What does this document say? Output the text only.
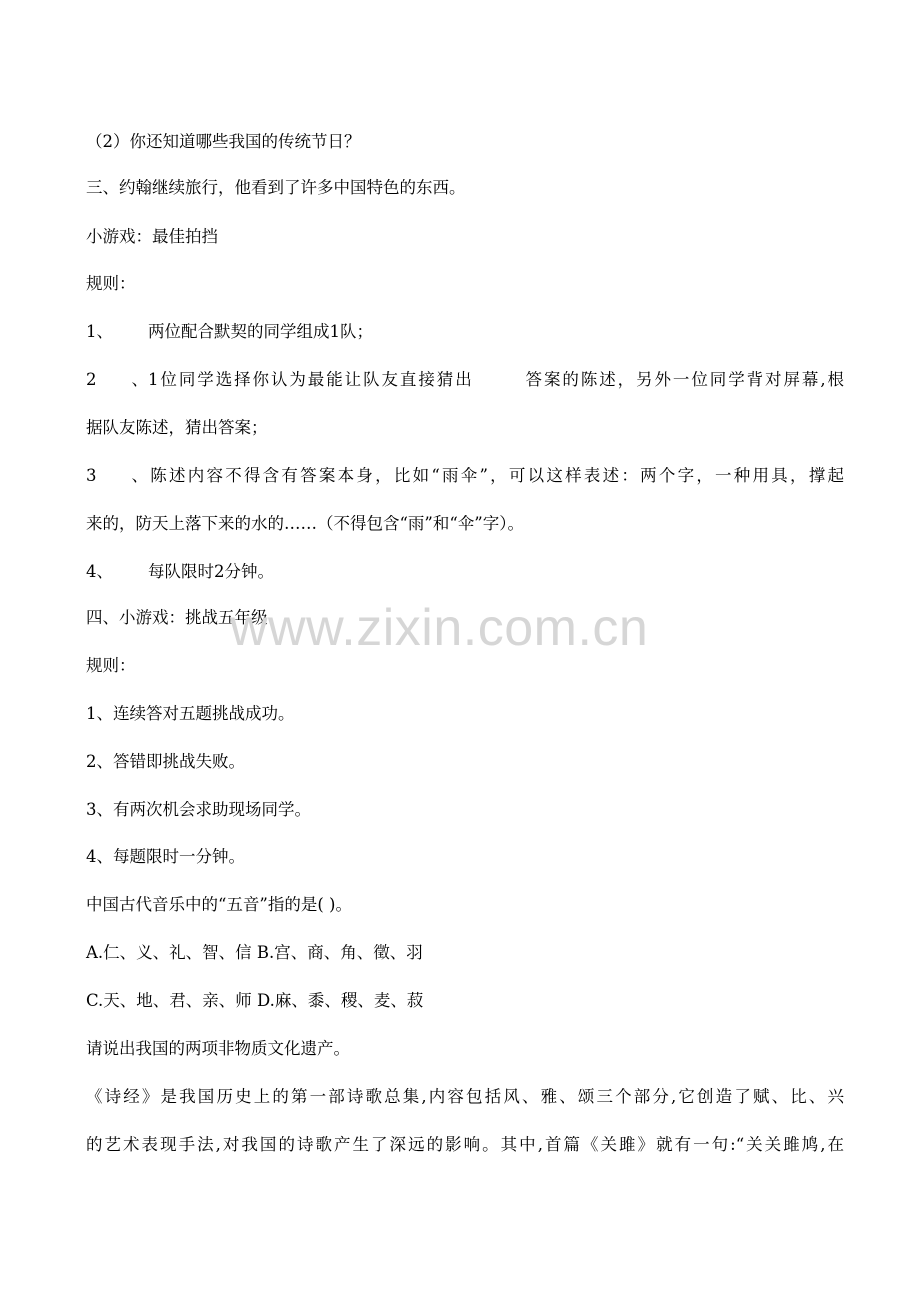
（2）你还知道哪些我国的传统节日？
三、约翰继续旅行，他看到了许多中国特色的东西。
小游戏：最佳拍挡
规则：
1、 两位配合默契的同学组成1队；
2、1位同学选择你认为最能让队友直接猜出	答案的陈述，另外一位同学背对屏幕,根
据队友陈述，猜出答案；
3、陈述内容不得含有答案本身，比如“雨伞”，可以这样表述：两个字，一种用具，撑起
来的，防天上落下来的水的……（不得包含“雨”和“伞”字）。
4、 每队限时2分钟。
四、小游戏：挑战五年级
规则：
1、连续答对五题挑战成功。
2、答错即挑战失败。
3、有两次机会求助现场同学。
4、每题限时一分钟。
中国古代音乐中的“五音”指的是( )。
A.仁、义、礼、智、信 B.宫、商、角、徵、羽
C.天、地、君、亲、师 D.麻、黍、稷、麦、菽
请说出我国的两项非物质文化遗产。
《诗经》是我国历史上的第一部诗歌总集,内容包括风、雅、颂三个部分,它创造了赋、比、兴
的艺术表现手法,对我国的诗歌产生了深远的影响。其中,首篇《关雎》就有一句:“关关雎鸠,在
www.zixin.com.cn
